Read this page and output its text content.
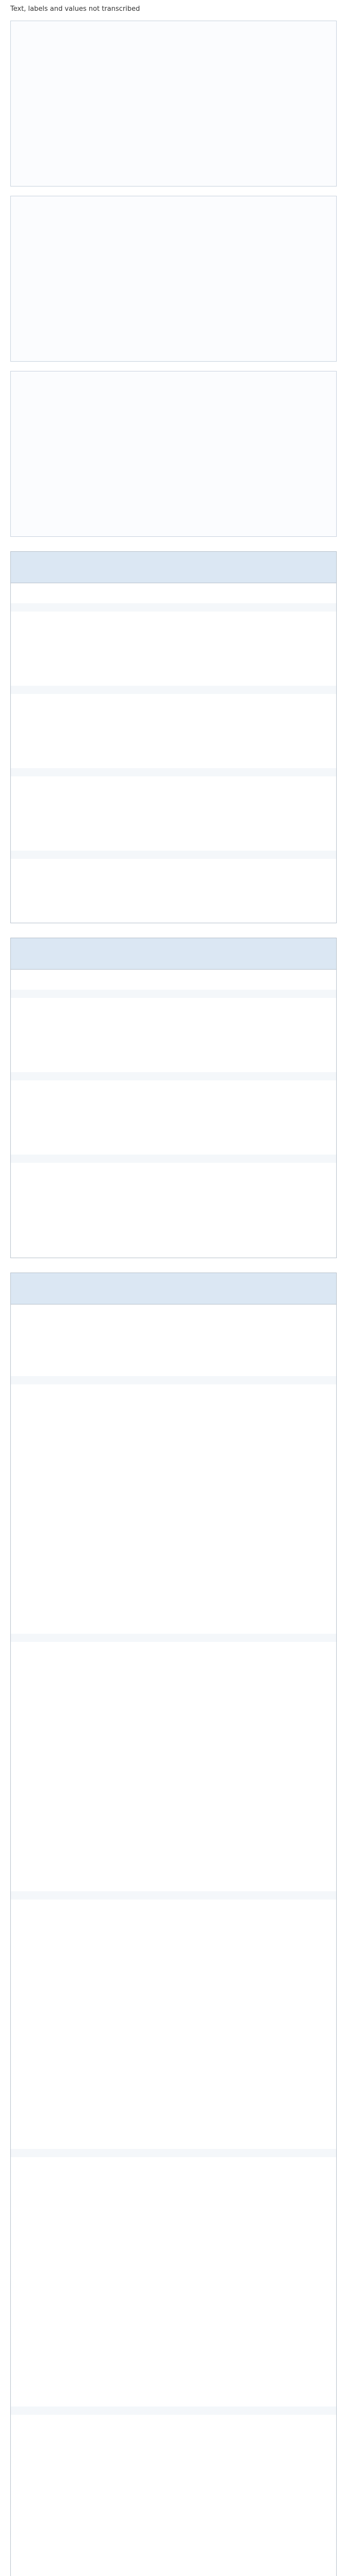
Text, labels and values not transcribed
